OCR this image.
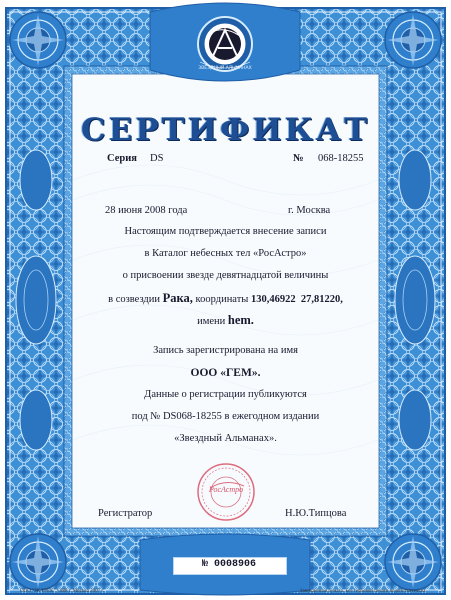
ЗВЁЗДНЫЙ АЛЬМАНАХ
СЕРТИФИКАТ
Серия DS	№ 068-18255
28 июня 2008 года	г. Москва
Настоящим подтверждается внесение записи
в Каталог небесных тел «РосАстро»
о присвоении звезде девятнадцатой величины
в созвездии Рака, координаты 130,46922  27,81220,
имени hem.
Запись зарегистрирована на имя
ООО «ГЕМ».
Данные о регистрации публикуются
под № DS068-18255 в ежегодном издании
«Звездный Альманах».
РосАстро
Регистратор	Н.Ю.Типцова
№ 0008906
ООО "ЗК ТРЕК" у.888 г. Москва 2007 г.	Защищённая бумага. Без гербовой печати недействительна
